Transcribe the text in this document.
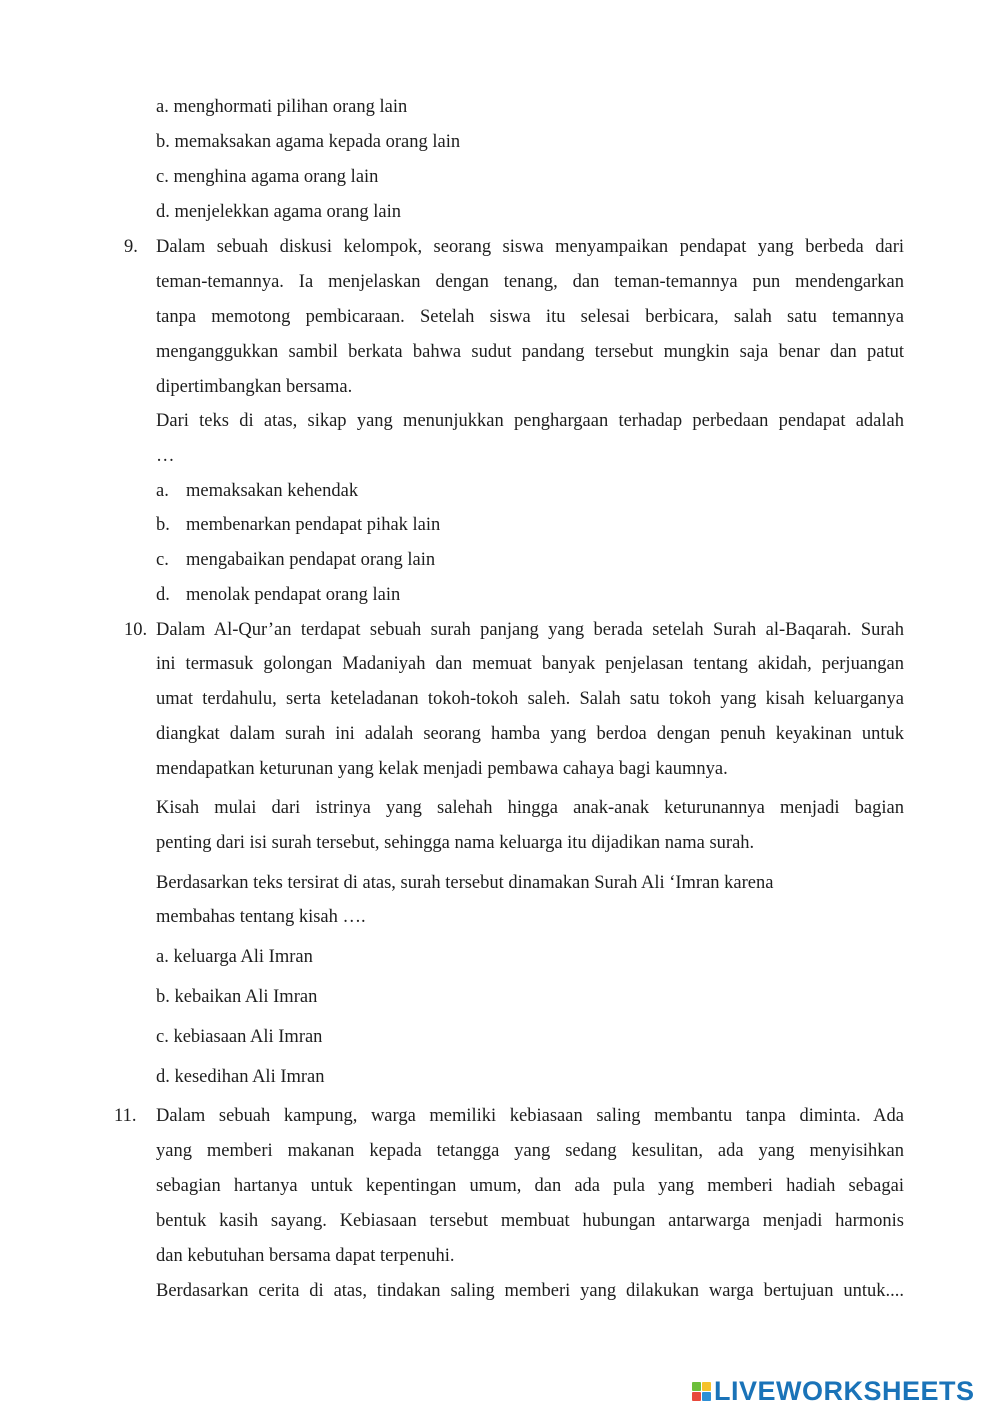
a. menghormati pilihan orang lain
b. memaksakan agama kepada orang lain
c. menghina agama orang lain
d. menjelekkan agama orang lain
9. Dalam sebuah diskusi kelompok, seorang siswa menyampaikan pendapat yang berbeda dari
teman-temannya. Ia menjelaskan dengan tenang, dan teman-temannya pun mendengarkan
tanpa memotong pembicaraan. Setelah siswa itu selesai berbicara, salah satu temannya
menganggukkan sambil berkata bahwa sudut pandang tersebut mungkin saja benar dan patut
dipertimbangkan bersama.
Dari teks di atas, sikap yang menunjukkan penghargaan terhadap perbedaan pendapat adalah
…
a. memaksakan kehendak
b. membenarkan pendapat pihak lain
c. mengabaikan pendapat orang lain
d. menolak pendapat orang lain
10. Dalam Al-Qur’an terdapat sebuah surah panjang yang berada setelah Surah al-Baqarah. Surah
ini termasuk golongan Madaniyah dan memuat banyak penjelasan tentang akidah, perjuangan
umat terdahulu, serta keteladanan tokoh-tokoh saleh. Salah satu tokoh yang kisah keluarganya
diangkat dalam surah ini adalah seorang hamba yang berdoa dengan penuh keyakinan untuk
mendapatkan keturunan yang kelak menjadi pembawa cahaya bagi kaumnya.
Kisah mulai dari istrinya yang salehah hingga anak-anak keturunannya menjadi bagian
penting dari isi surah tersebut, sehingga nama keluarga itu dijadikan nama surah.
Berdasarkan teks tersirat di atas, surah tersebut dinamakan Surah Ali ‘Imran karena
membahas tentang kisah ….
a. keluarga Ali Imran
b. kebaikan Ali Imran
c. kebiasaan Ali Imran
d. kesedihan Ali Imran
11. Dalam sebuah kampung, warga memiliki kebiasaan saling membantu tanpa diminta. Ada
yang memberi makanan kepada tetangga yang sedang kesulitan, ada yang menyisihkan
sebagian hartanya untuk kepentingan umum, dan ada pula yang memberi hadiah sebagai
bentuk kasih sayang. Kebiasaan tersebut membuat hubungan antarwarga menjadi harmonis
dan kebutuhan bersama dapat terpenuhi.
Berdasarkan cerita di atas, tindakan saling memberi yang dilakukan warga bertujuan untuk....
LIVEWORKSHEETS
